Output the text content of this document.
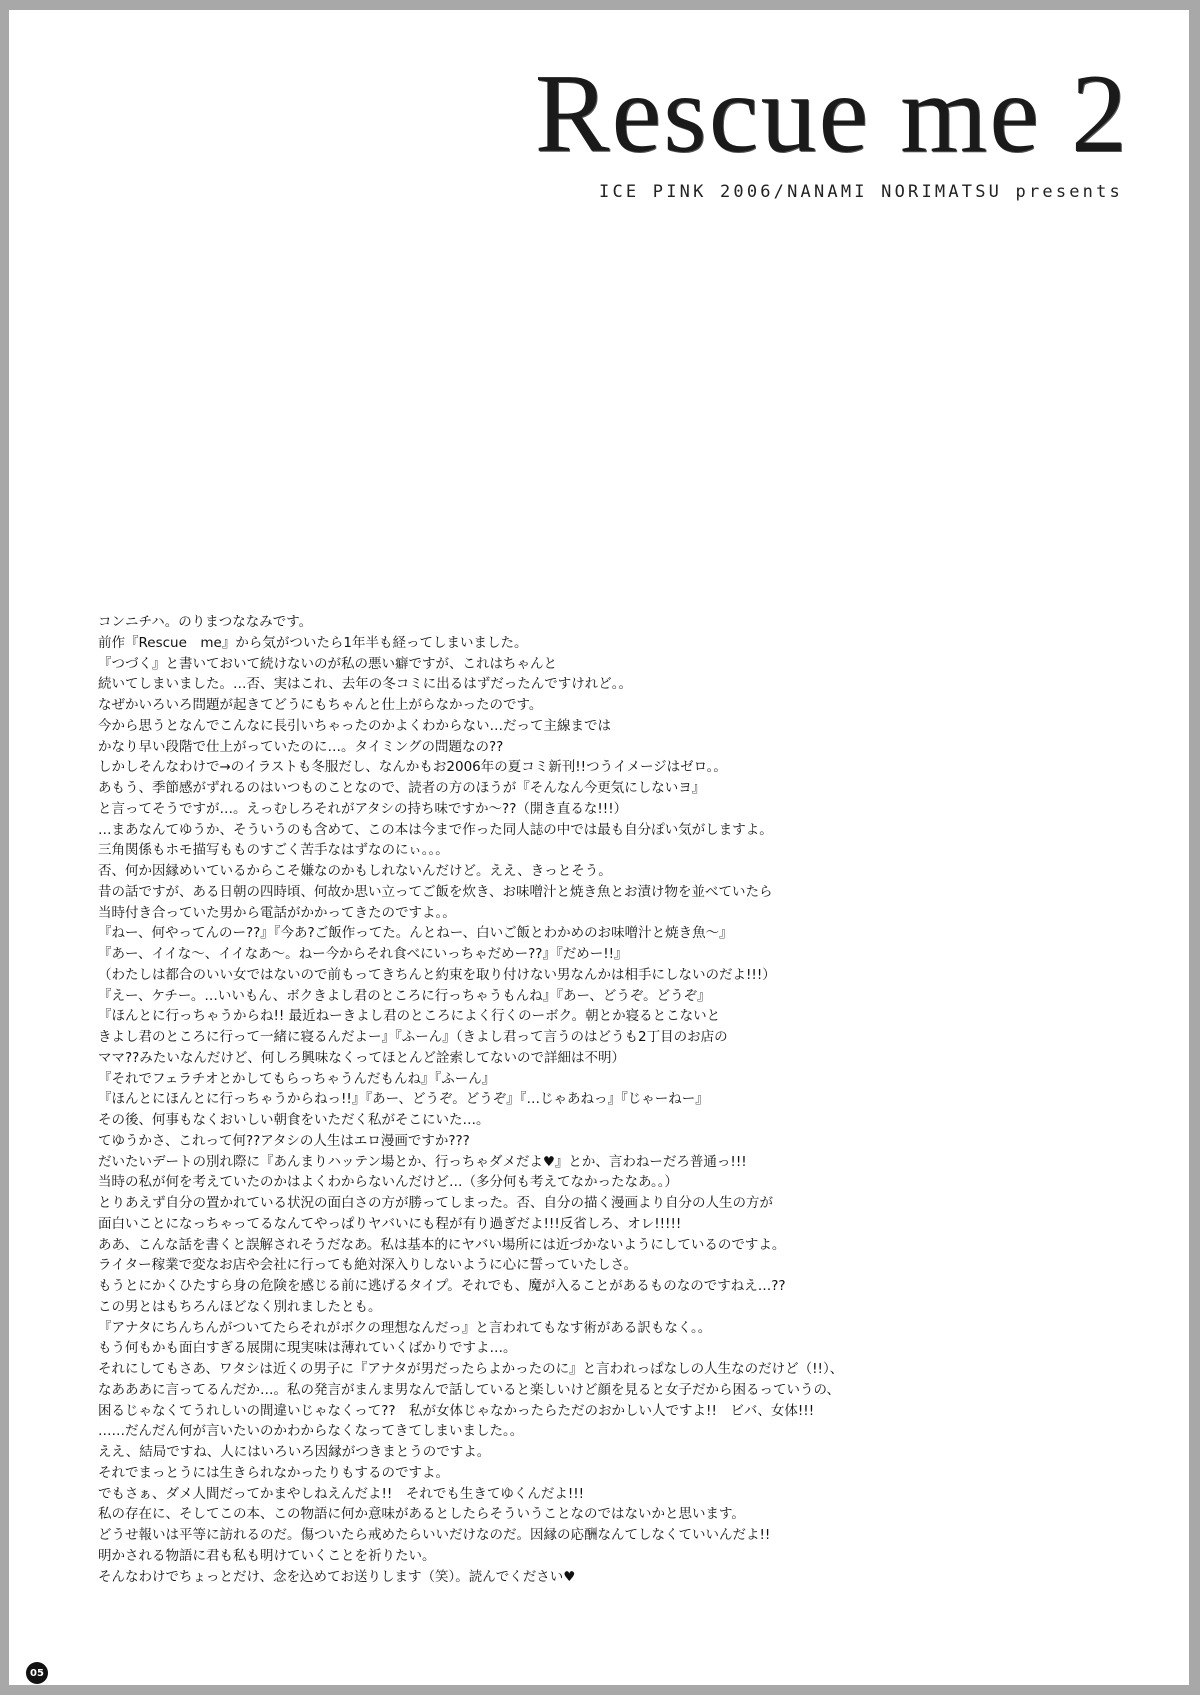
Rescue me 2
ICE PINK 2006/NANAMI NORIMATSU presents
コンニチハ。のりまつななみです。
前作『Rescue　me』から気がついたら1年半も経ってしまいました。
『つづく』と書いておいて続けないのが私の悪い癖ですが、これはちゃんと
続いてしまいました。…否、実はこれ、去年の冬コミに出るはずだったんですけれど。。
なぜかいろいろ問題が起きてどうにもちゃんと仕上がらなかったのです。
今から思うとなんでこんなに長引いちゃったのかよくわからない…だって主線までは
かなり早い段階で仕上がっていたのに…。タイミングの問題なの??
しかしそんなわけで→のイラストも冬服だし、なんかもお2006年の夏コミ新刊!!つうイメージはゼロ。。
あもう、季節感がずれるのはいつものことなので、読者の方のほうが『そんなん今更気にしないヨ』
と言ってそうですが…。えっむしろそれがアタシの持ち味ですか～??（開き直るな!!!）
…まあなんてゆうか、そういうのも含めて、この本は今まで作った同人誌の中では最も自分ぽい気がしますよ。
三角関係もホモ描写もものすごく苦手なはずなのにぃ。。。
否、何か因縁めいているからこそ嫌なのかもしれないんだけど。ええ、きっとそう。
昔の話ですが、ある日朝の四時頃、何故か思い立ってご飯を炊き、お味噌汁と焼き魚とお漬け物を並べていたら
当時付き合っていた男から電話がかかってきたのですよ。。
『ねー、何やってんのー??』『今あ?ご飯作ってた。んとねー、白いご飯とわかめのお味噌汁と焼き魚～』
『あー、イイな～、イイなあ～。ねー今からそれ食べにいっちゃだめー??』『だめー!!』
（わたしは都合のいい女ではないので前もってきちんと約束を取り付けない男なんかは相手にしないのだよ!!!）
『えー、ケチー。…いいもん、ボクきよし君のところに行っちゃうもんね』『あー、どうぞ。どうぞ』
『ほんとに行っちゃうからね!! 最近ねーきよし君のところによく行くのーボク。朝とか寝るとこないと
きよし君のところに行って一緒に寝るんだよー』『ふーん』（きよし君って言うのはどうも2丁目のお店の
ママ??みたいなんだけど、何しろ興味なくってほとんど詮索してないので詳細は不明）
『それでフェラチオとかしてもらっちゃうんだもんね』『ふーん』
『ほんとにほんとに行っちゃうからねっ!!』『あー、どうぞ。どうぞ』『…じゃあねっ』『じゃーねー』
その後、何事もなくおいしい朝食をいただく私がそこにいた…。
てゆうかさ、これって何??アタシの人生はエロ漫画ですか???
だいたいデートの別れ際に『あんまりハッテン場とか、行っちゃダメだよ♥』とか、言わねーだろ普通っ!!!
当時の私が何を考えていたのかはよくわからないんだけど…（多分何も考えてなかったなあ。。）
とりあえず自分の置かれている状況の面白さの方が勝ってしまった。否、自分の描く漫画より自分の人生の方が
面白いことになっちゃってるなんてやっぱりヤバいにも程が有り過ぎだよ!!!反省しろ、オレ!!!!!
ああ、こんな話を書くと誤解されそうだなあ。私は基本的にヤバい場所には近づかないようにしているのですよ。
ライター稼業で変なお店や会社に行っても絶対深入りしないように心に誓っていたしさ。
もうとにかくひたすら身の危険を感じる前に逃げるタイプ。それでも、魔が入ることがあるものなのですねえ…??
この男とはもちろんほどなく別れましたとも。
『アナタにちんちんがついてたらそれがボクの理想なんだっ』と言われてもなす術がある訳もなく。。
もう何もかも面白すぎる展開に現実味は薄れていくばかりですよ…。
それにしてもさあ、ワタシは近くの男子に『アナタが男だったらよかったのに』と言われっぱなしの人生なのだけど（!!）、
なあああに言ってるんだか…。私の発言がまんま男なんで話していると楽しいけど顔を見ると女子だから困るっていうの、
困るじゃなくてうれしいの間違いじゃなくって??　私が女体じゃなかったらただのおかしい人ですよ!!　ビバ、女体!!!
……だんだん何が言いたいのかわからなくなってきてしまいました。。
ええ、結局ですね、人にはいろいろ因縁がつきまとうのですよ。
それでまっとうには生きられなかったりもするのですよ。
でもさぁ、ダメ人間だってかまやしねえんだよ!!　それでも生きてゆくんだよ!!!
私の存在に、そしてこの本、この物語に何か意味があるとしたらそういうことなのではないかと思います。
どうせ報いは平等に訪れるのだ。傷ついたら戒めたらいいだけなのだ。因縁の応酬なんてしなくていいんだよ!!
明かされる物語に君も私も明けていくことを祈りたい。
そんなわけでちょっとだけ、念を込めてお送りします（笑）。読んでください♥
05
